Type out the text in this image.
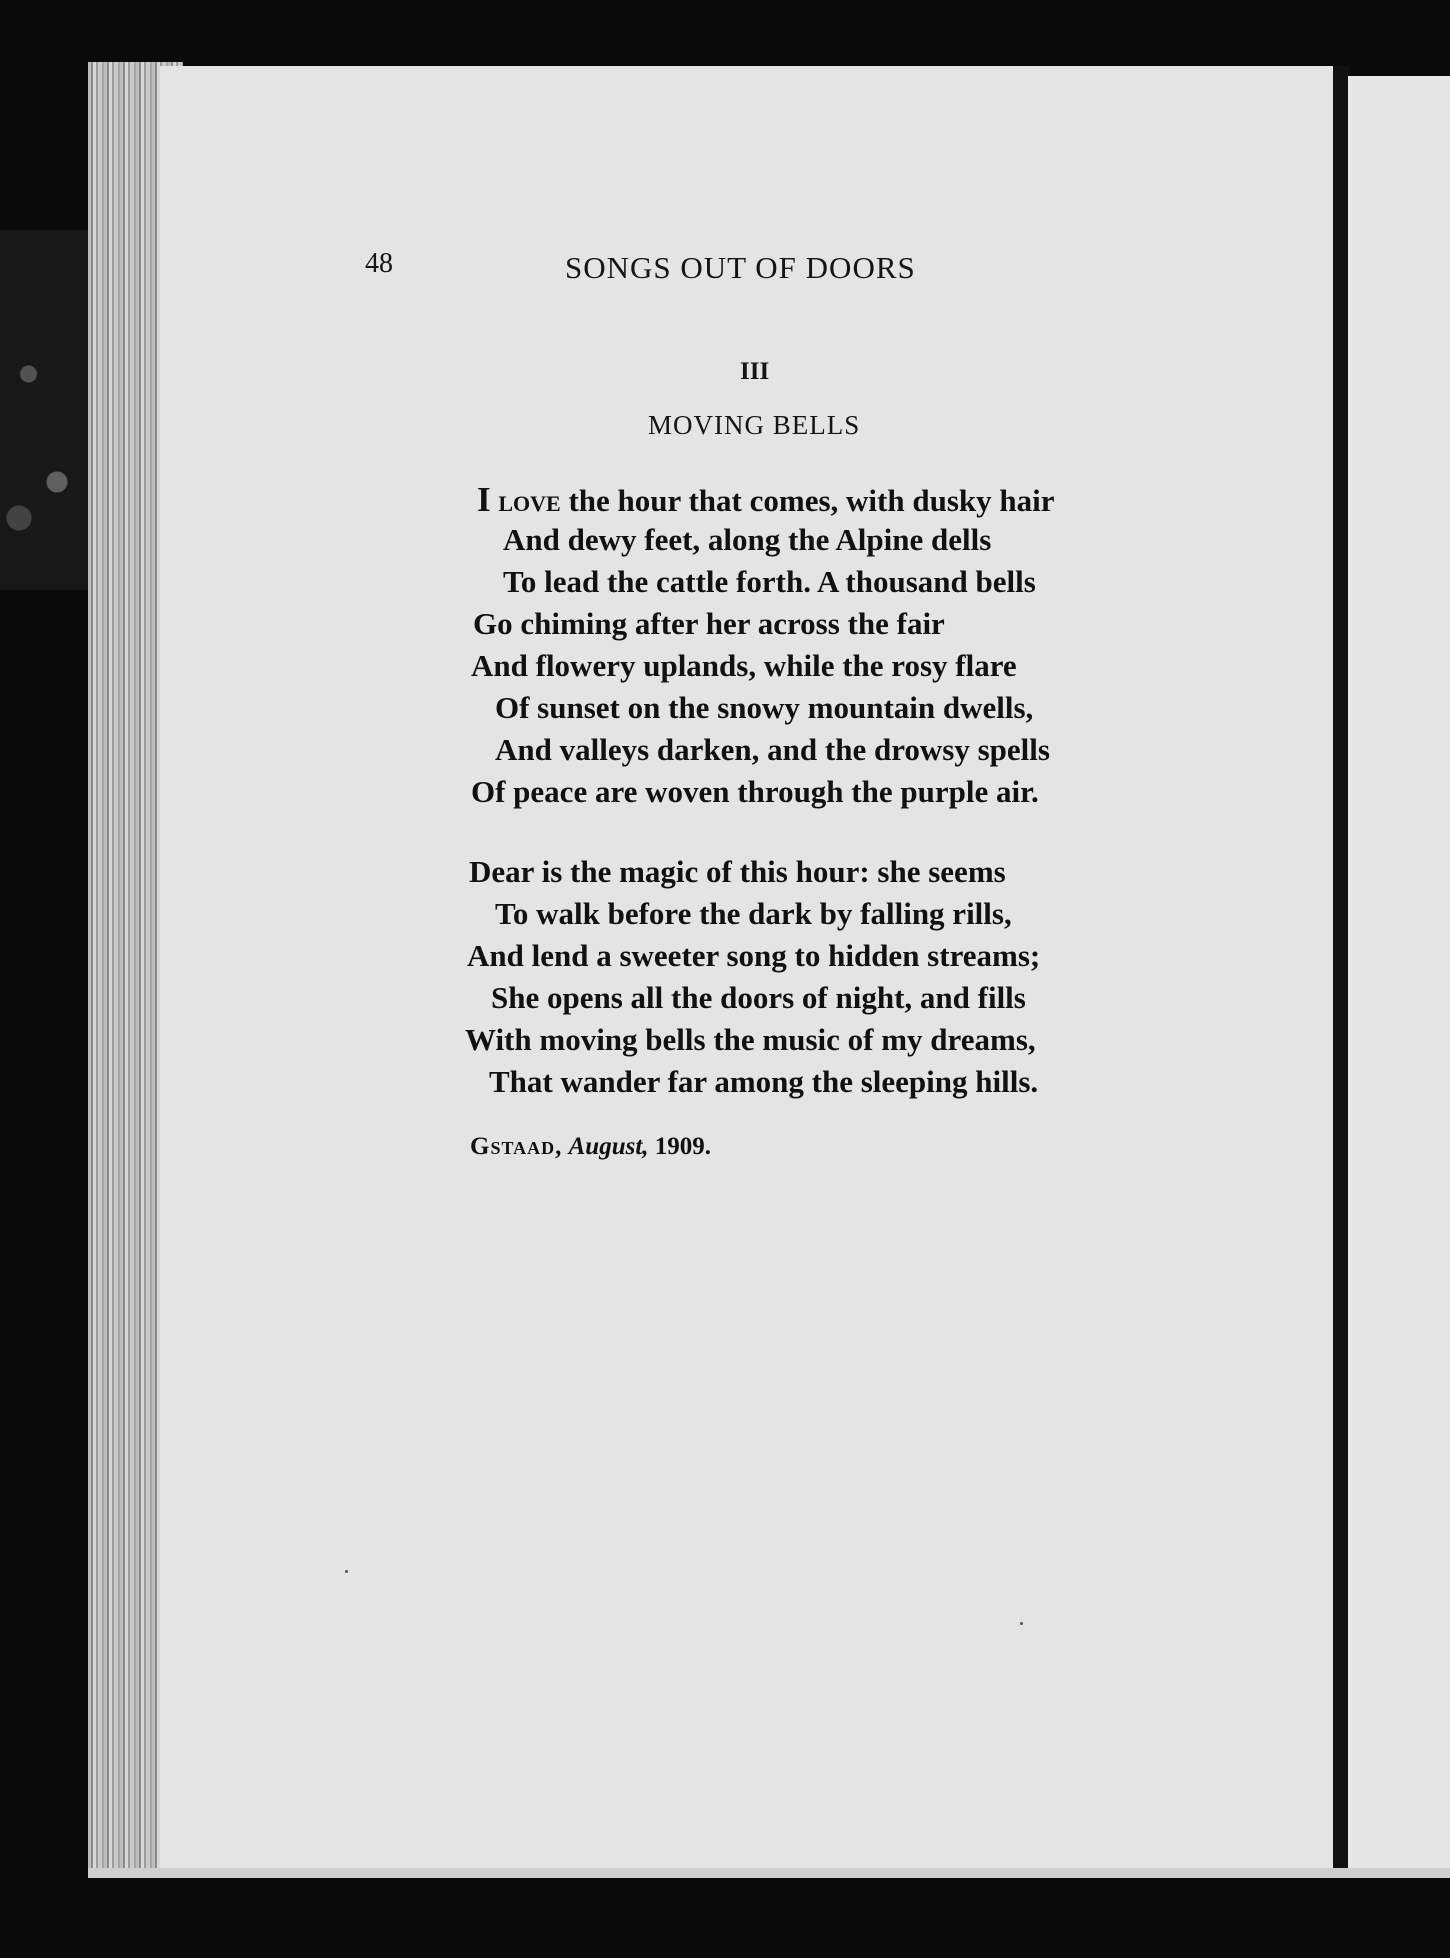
48	SONGS OUT OF DOORS
III
MOVING BELLS
I love the hour that comes, with dusky hair
And dewy feet, along the Alpine dells
To lead the cattle forth. A thousand bells
Go chiming after her across the fair
And flowery uplands, while the rosy flare
Of sunset on the snowy mountain dwells,
And valleys darken, and the drowsy spells
Of peace are woven through the purple air.
Dear is the magic of this hour: she seems
To walk before the dark by falling rills,
And lend a sweeter song to hidden streams;
She opens all the doors of night, and fills
With moving bells the music of my dreams,
That wander far among the sleeping hills.
Gstaad, August, 1909.
